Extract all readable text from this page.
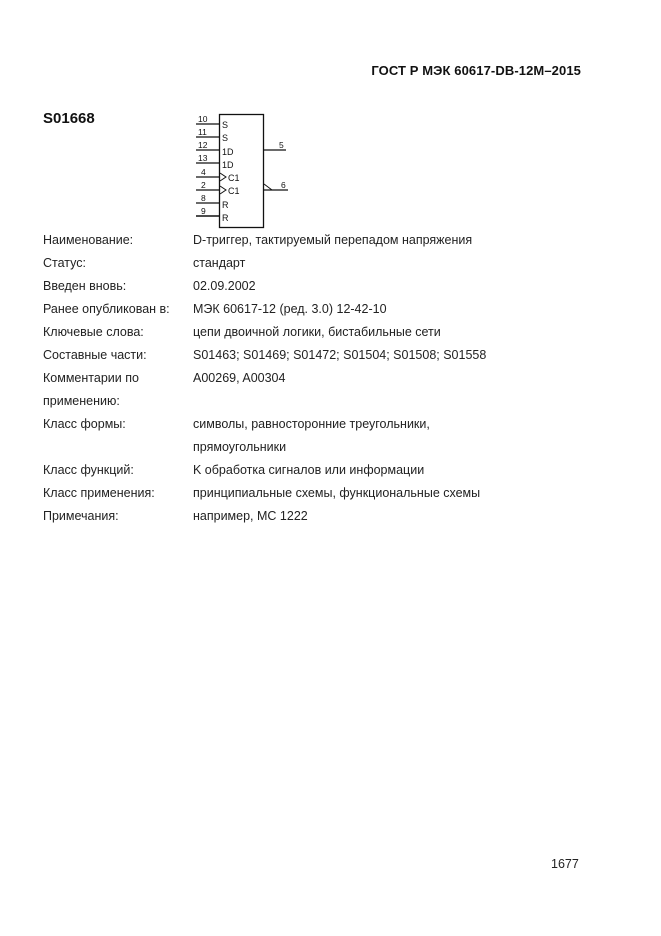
ГОСТ Р МЭК 60617-DB-12M–2015
S01668	10
S
11
S
12
1D
13
1D
4
C1
2
C1
8
R
9
R
5
6
Наименование:	D-триггер, тактируемый перепадом напряжения
Статус:	стандарт
Введен вновь:	02.09.2002
Ранее опубликован в:	МЭК 60617-12 (ред. 3.0) 12-42-10
Ключевые слова:	цепи двоичной логики, бистабильные сети
Составные части:	S01463; S01469; S01472; S01504; S01508; S01558
Комментарии по	A00269, A00304
применению:
Класс формы:	символы, равносторонние треугольники,
прямоугольники
Класс функций:	K обработка сигналов или информации
Класс применения:	принципиальные схемы, функциональные схемы
Примечания:	например, МС 1222
1677
